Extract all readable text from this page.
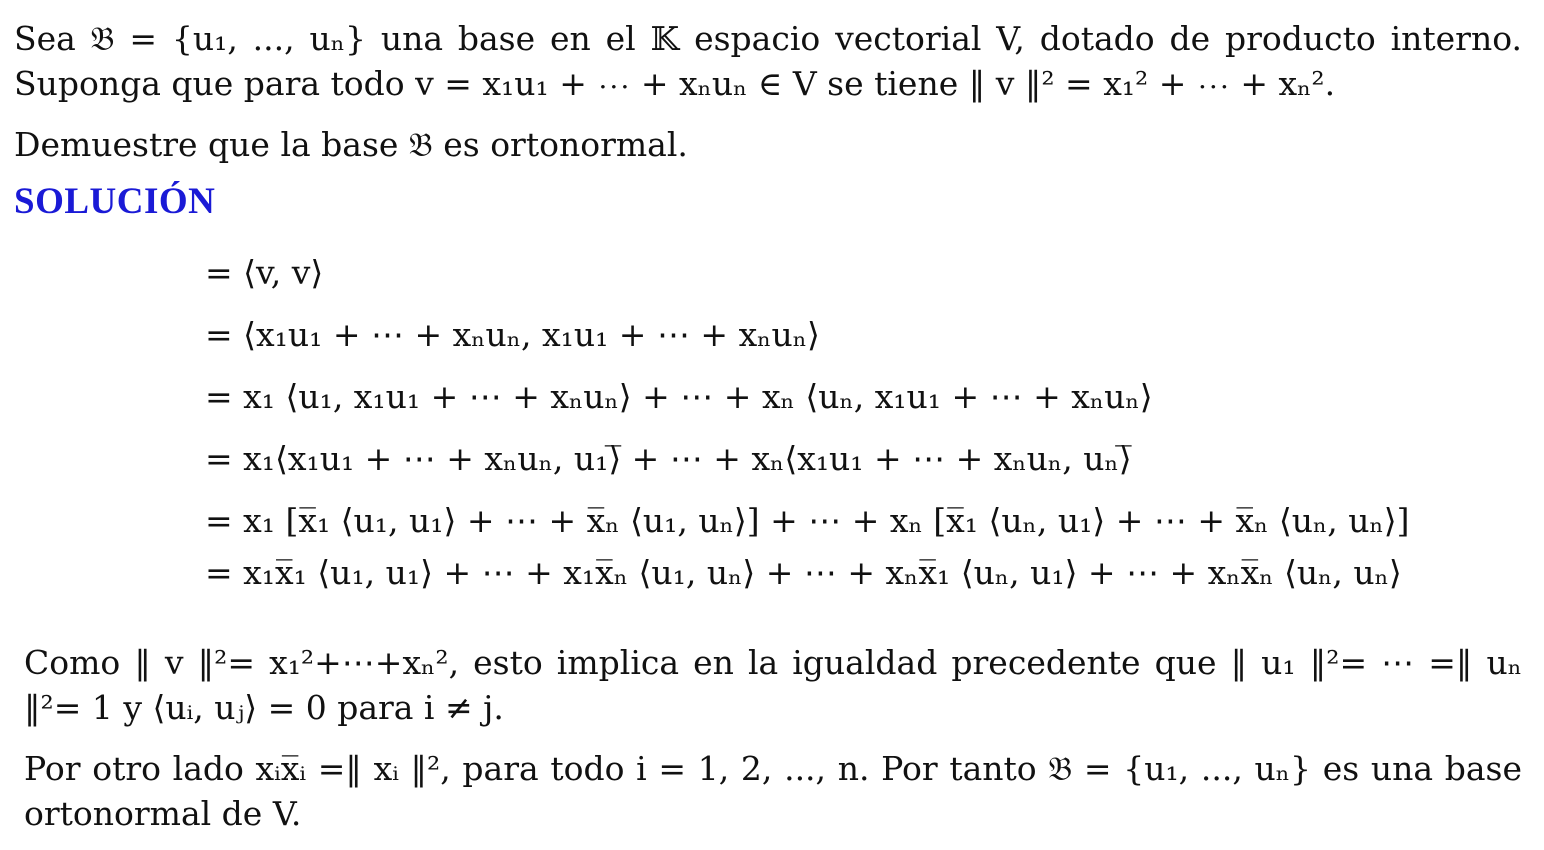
Sea 𝔅 = {u₁, ..., uₙ} una base en el 𝕂 espacio vectorial V, dotado de producto interno. Suponga que para todo v = x₁u₁ + ⋯ + xₙuₙ ∈ V se tiene ‖ v ‖² = x₁² + ⋯ + xₙ².
Demuestre que la base 𝔅 es ortonormal.
SOLUCIÓN
= ⟨v, v⟩
= ⟨x₁u₁ + ⋯ + xₙuₙ, x₁u₁ + ⋯ + xₙuₙ⟩
= x₁ ⟨u₁, x₁u₁ + ⋯ + xₙuₙ⟩ + ⋯ + xₙ ⟨uₙ, x₁u₁ + ⋯ + xₙuₙ⟩
= x₁⟨x₁u₁ + ⋯ + xₙuₙ, u₁⟩̅ + ⋯ + xₙ⟨x₁u₁ + ⋯ + xₙuₙ, uₙ⟩̅
= x₁ [x̅₁ ⟨u₁, u₁⟩ + ⋯ + x̅ₙ ⟨u₁, uₙ⟩] + ⋯ + xₙ [x̅₁ ⟨uₙ, u₁⟩ + ⋯ + x̅ₙ ⟨uₙ, uₙ⟩]
= x₁x̅₁ ⟨u₁, u₁⟩ + ⋯ + x₁x̅ₙ ⟨u₁, uₙ⟩ + ⋯ + xₙx̅₁ ⟨uₙ, u₁⟩ + ⋯ + xₙx̅ₙ ⟨uₙ, uₙ⟩
Como ‖ v ‖²= x₁²+⋯+xₙ², esto implica en la igualdad precedente que ‖ u₁ ‖²= ⋯ =‖ uₙ ‖²= 1 y ⟨uᵢ, uⱼ⟩ = 0 para i ≠ j.
Por otro lado xᵢx̅ᵢ =‖ xᵢ ‖², para todo i = 1, 2, ..., n. Por tanto 𝔅 = {u₁, ..., uₙ} es una base ortonormal de V.
